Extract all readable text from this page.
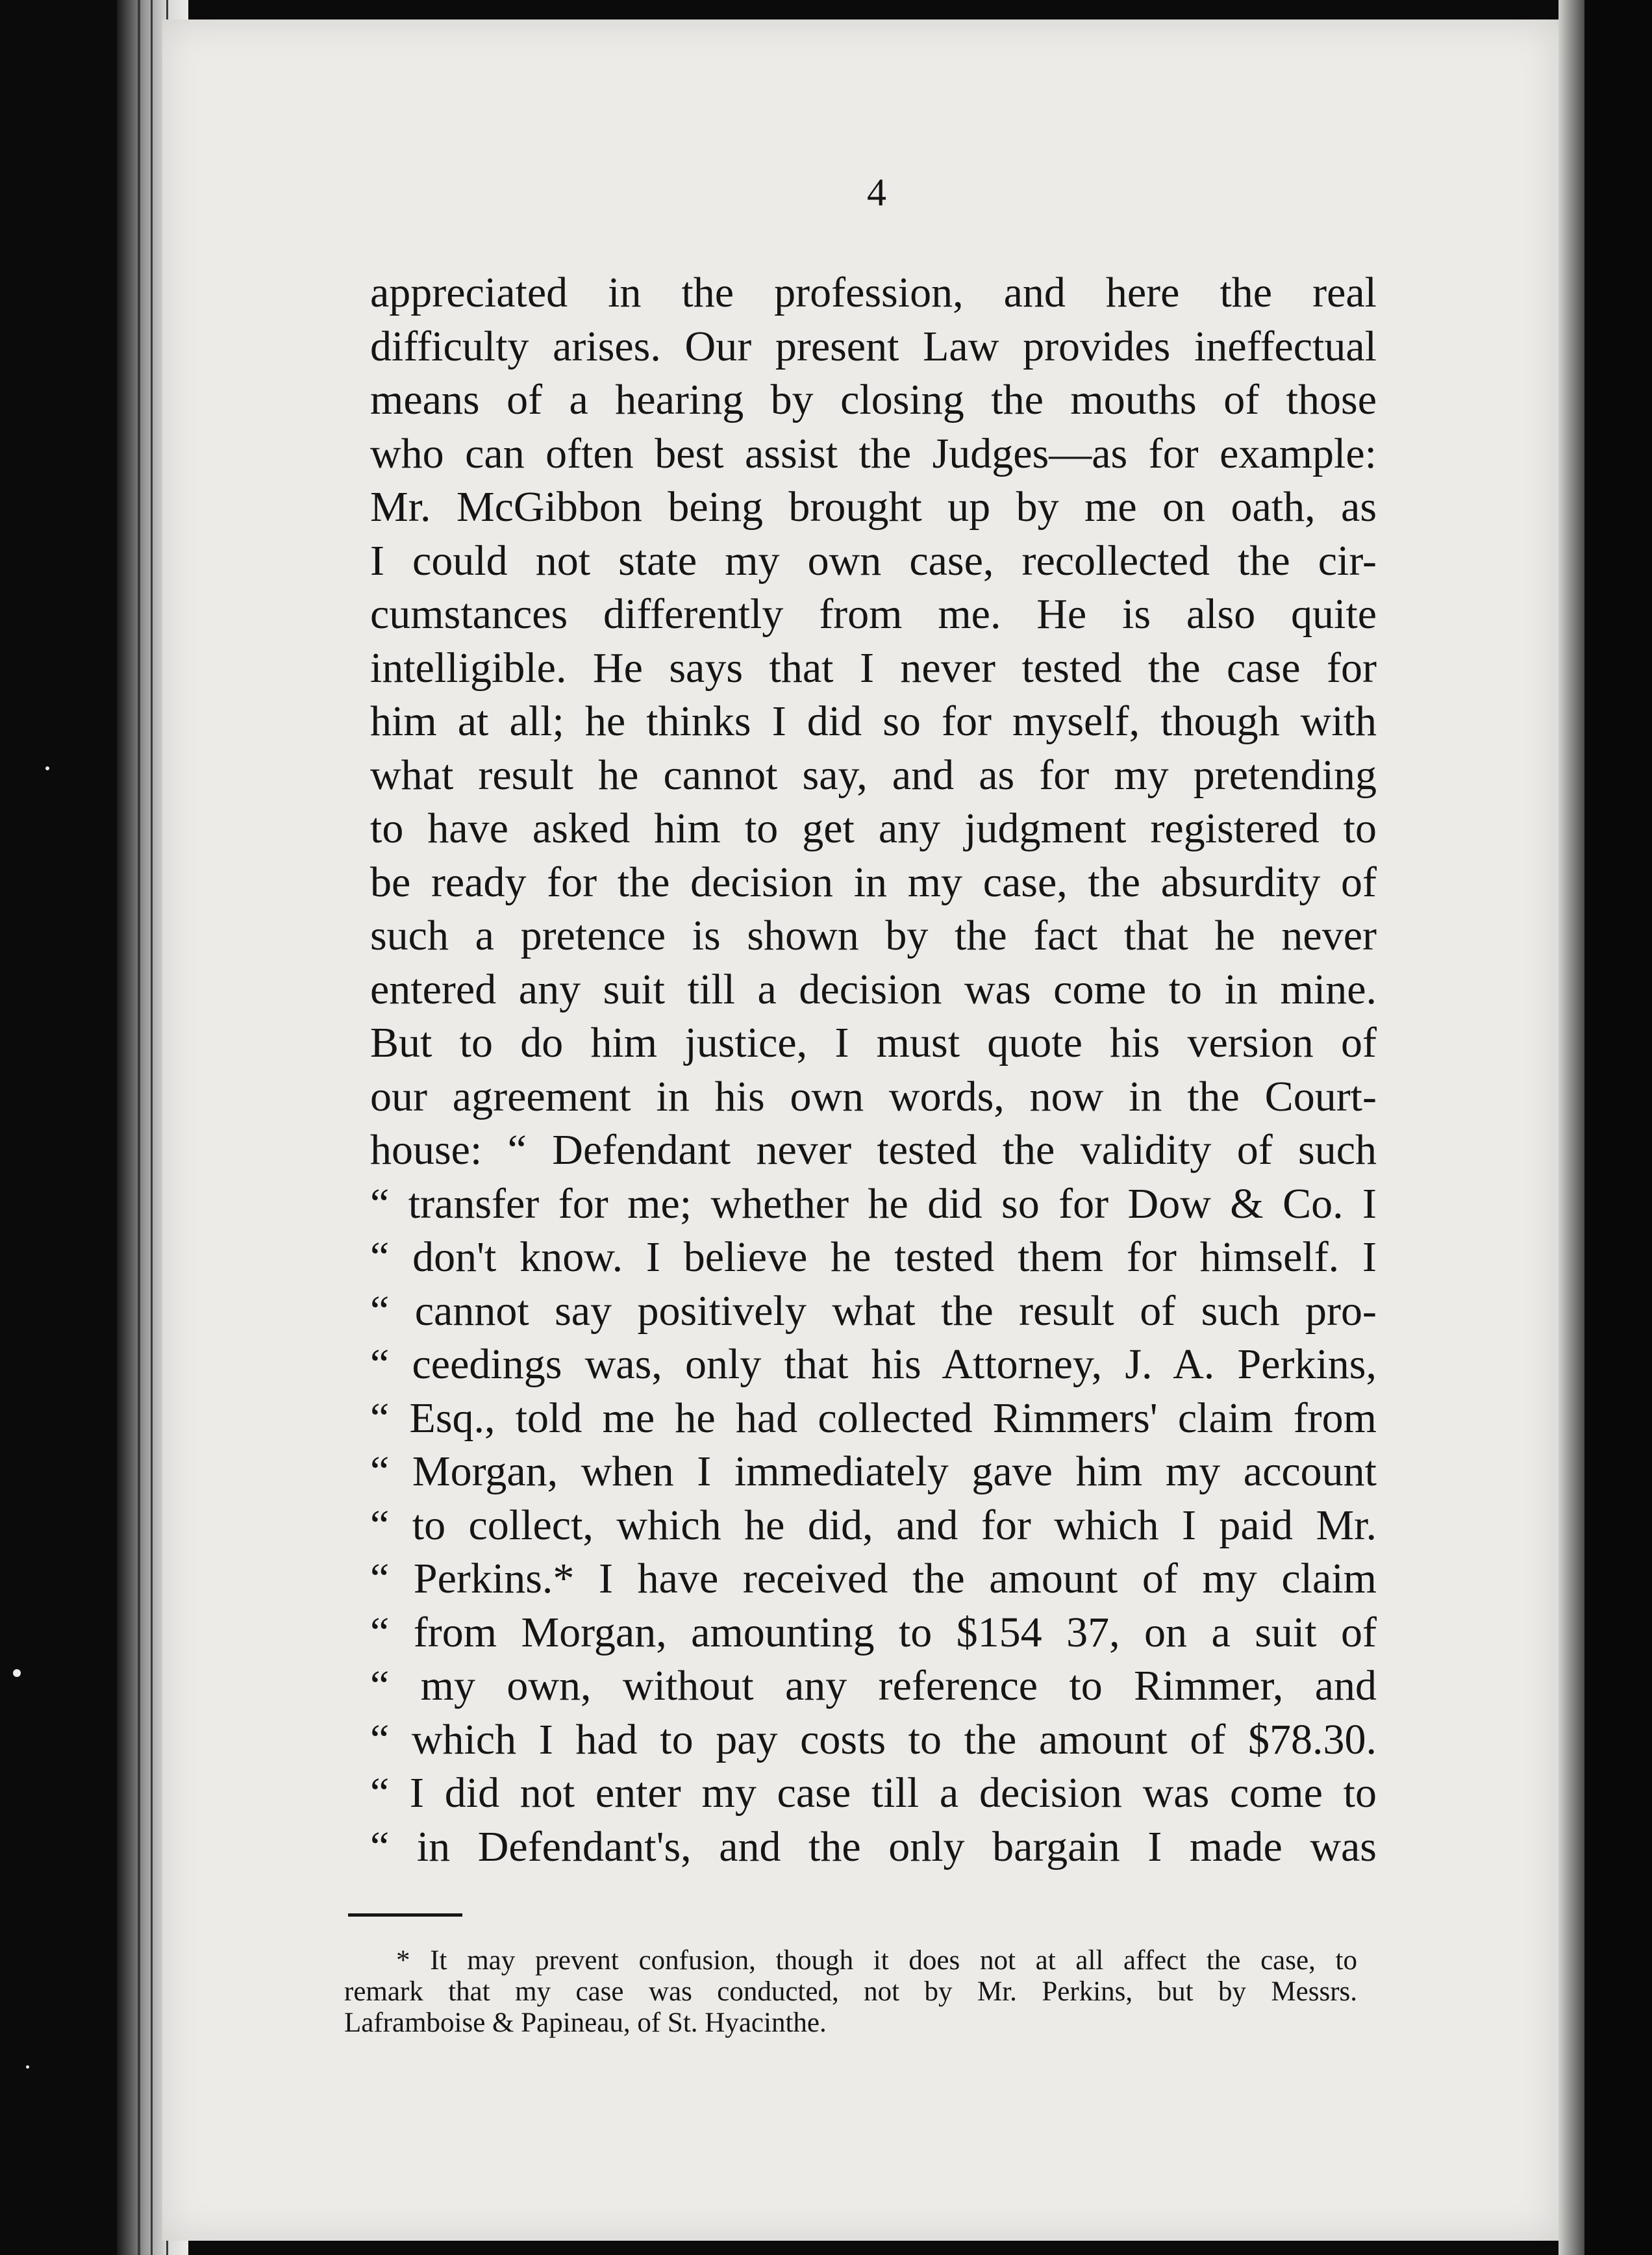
4
appreciated in the profession, and here the real
difficulty arises. Our present Law provides ineffectual
means of a hearing by closing the mouths of those
who can often best assist the Judges—as for example:
Mr. McGibbon being brought up by me on oath, as
I could not state my own case, recollected the cir-
cumstances differently from me. He is also quite
intelligible. He says that I never tested the case for
him at all; he thinks I did so for myself, though with
what result he cannot say, and as for my pretending
to have asked him to get any judgment registered to
be ready for the decision in my case, the absurdity of
such a pretence is shown by the fact that he never
entered any suit till a decision was come to in mine.
But to do him justice, I must quote his version of
our agreement in his own words, now in the Court-
house: “ Defendant never tested the validity of such
“ transfer for me; whether he did so for Dow & Co. I
“ don't know. I believe he tested them for himself. I
“ cannot say positively what the result of such pro-
“ ceedings was, only that his Attorney, J. A. Perkins,
“ Esq., told me he had collected Rimmers' claim from
“ Morgan, when I immediately gave him my account
“ to collect, which he did, and for which I paid Mr.
“ Perkins.* I have received the amount of my claim
“ from Morgan, amounting to $154 37, on a suit of
“ my own, without any reference to Rimmer, and
“ which I had to pay costs to the amount of $78.30.
“ I did not enter my case till a decision was come to
“ in Defendant's, and the only bargain I made was
* It may prevent confusion, though it does not at all affect the case, to
remark that my case was conducted, not by Mr. Perkins, but by Messrs.
Laframboise & Papineau, of St. Hyacinthe.
